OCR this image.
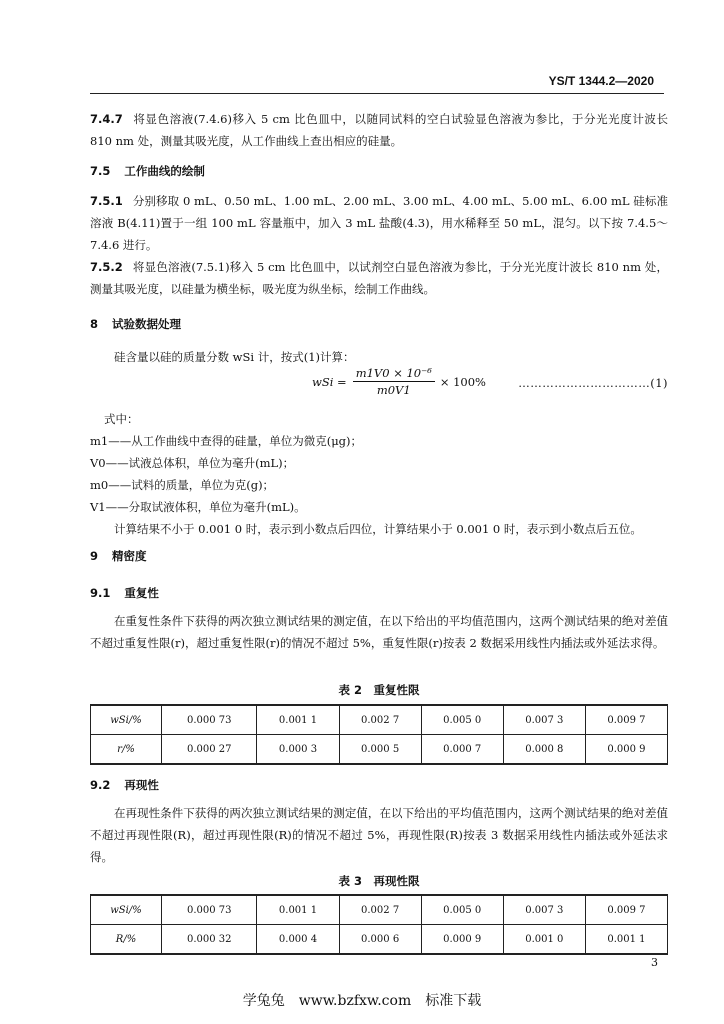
YS/T 1344.2—2020

7.4.7 将显色溶液(7.4.6)移入 5 cm 比色皿中，以随同试料的空白试验显色溶液为参比，于分光光度计波长 810 nm 处，测量其吸光度，从工作曲线上查出相应的硅量。

7.5 工作曲线的绘制

7.5.1 分别移取 0 mL、0.50 mL、1.00 mL、2.00 mL、3.00 mL、4.00 mL、5.00 mL、6.00 mL 硅标准溶液 B(4.11)置于一组 100 mL 容量瓶中，加入 3 mL 盐酸(4.3)，用水稀释至 50 mL，混匀。以下按 7.4.5～7.4.6 进行。

7.5.2 将显色溶液(7.5.1)移入 5 cm 比色皿中，以试剂空白显色溶液为参比，于分光光度计波长 810 nm 处，测量其吸光度，以硅量为横坐标，吸光度为纵坐标，绘制工作曲线。

8 试验数据处理

硅含量以硅的质量分数 wSi 计，按式(1)计算：

wSi = $\frac{\text{m1V0 × 10⁻⁶}}{m0V1} \times 100\%$	……………………………(1)

式中：

m1——从工作曲线中查得的硅量，单位为微克(μg)；

V0——试液总体积，单位为毫升(mL)；

m0——试料的质量，单位为克(g)；

V1——分取试液体积，单位为毫升(mL)。

计算结果不小于 0.001 0 时，表示到小数点后四位，计算结果小于 0.001 0 时，表示到小数点后五位。

9 精密度
9.1 重复性

在重复性条件下获得的两次独立测试结果的测定值，在以下给出的平均值范围内，这两个测试结果的绝对差值不超过重复性限(r)，超过重复性限(r)的情况不超过 5%，重复性限(r)按表 2 数据采用线性内插法或外延法求得。

表 2　重复性限
wSi/%	0.000 73	0.001 1	0.002 7	0.005 0	0.007 3	0.009 7
r/%	0.000 27	0.000 3	0.000 5	0.000 7	0.000 8	0.000 9
9.2 再现性

在再现性条件下获得的两次独立测试结果的测定值，在以下给出的平均值范围内，这两个测试结果的绝对差值不超过再现性限(R)，超过再现性限(R)的情况不超过 5%，再现性限(R)按表 3 数据采用线性内插法或外延法求得。

表 3　再现性限
wSi/%	0.000 73	0.001 1	0.002 7	0.005 0	0.007 3	0.009 7
R/%	0.000 32	0.000 4	0.000 6	0.000 9	0.001 0	0.001 1
3
学兔兔　www.bzfxw.com　标准下载
